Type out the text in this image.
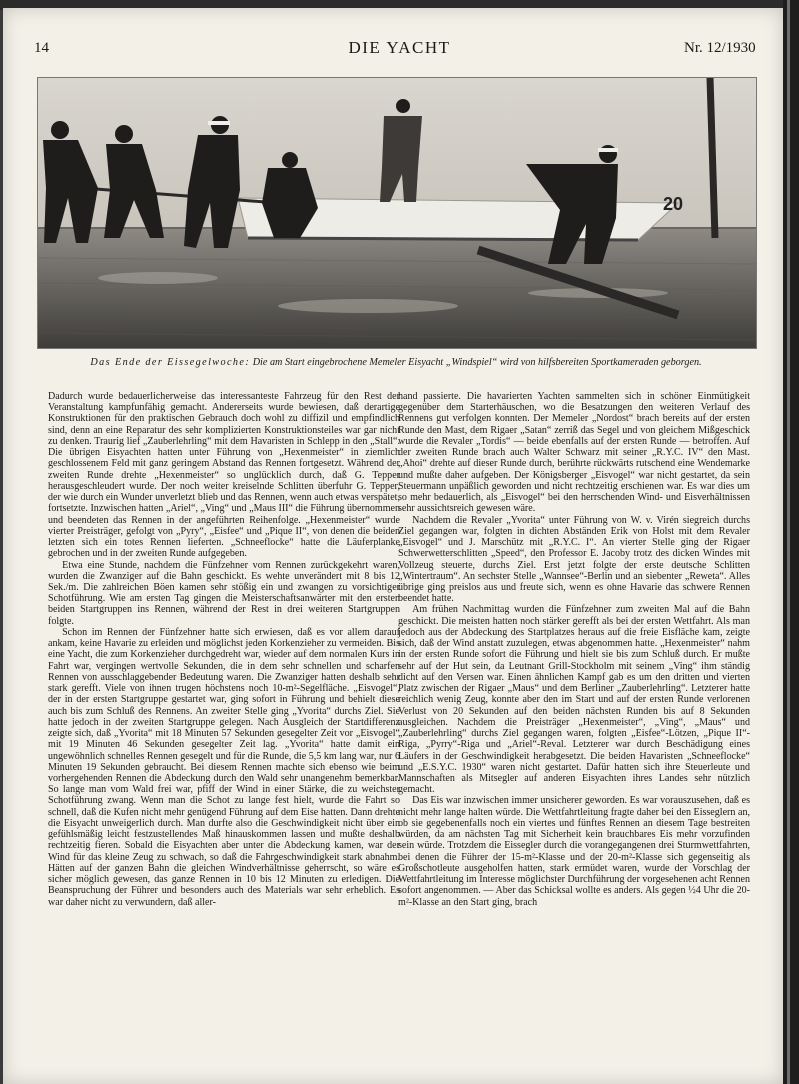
14	DIE YACHT	Nr. 12/1930
20
Das Ende der Eissegelwoche: Die am Start eingebrochene Memeler Eisyacht „Windspiel“ wird von hilfsbereiten Sportkameraden geborgen.

Dadurch wurde bedauerlicherweise das interessanteste Fahrzeug für den Rest der Veranstaltung kampfunfähig gemacht. Andererseits wurde bewiesen, daß derartige Konstruktionen für den praktischen Gebrauch doch wohl zu diffizil und empfindlich sind, denn an eine Reparatur des sehr komplizierten Konstruktionsteiles war gar nicht zu denken. Traurig lief „Zauberlehrling“ mit dem Havaristen in Schlepp in den „Stall“. Die übrigen Eisyachten hatten unter Führung von „Hexenmeister“ in ziemlich geschlossenem Feld mit ganz geringem Abstand das Rennen fortgesetzt. Während der zweiten Runde drehte „Hexenmeister“ so unglücklich durch, daß G. Tepper herausgeschleudert wurde. Der noch weiter kreiselnde Schlitten überfuhr G. Tepper, der wie durch ein Wunder unverletzt blieb und das Rennen, wenn auch etwas verspätet, fortsetzte. Inzwischen hatten „Ariel“, „Ving“ und „Maus III“ die Führung übernommen und beendeten das Rennen in der angeführten Reihenfolge. „Hexenmeister“ wurde vierter Preisträger, gefolgt von „Pyry“, „Eisfee“ und „Pique II“, von denen die beiden letzten sich ein totes Rennen lieferten. „Schneeflocke“ hatte die Läuferplanke gebrochen und in der zweiten Runde aufgegeben.

Etwa eine Stunde, nachdem die Fünfzehner vom Rennen zurückgekehrt waren, wurden die Zwanziger auf die Bahn geschickt. Es wehte unverändert mit 8 bis 12 Sek./m. Die zahlreichen Böen kamen sehr stößig ein und zwangen zu vorsichtiger Schotführung. Wie am ersten Tag gingen die Meisterschaftsanwärter mit den ersten beiden Startgruppen ins Rennen, während der Rest in drei weiteren Startgruppen folgte.

Schon im Rennen der Fünfzehner hatte sich erwiesen, daß es vor allem darauf ankam, keine Havarie zu erleiden und möglichst jeden Korkenzieher zu vermeiden. Bis eine Yacht, die zum Korkenzieher durchgedreht war, wieder auf dem normalen Kurs in Fahrt war, vergingen wertvolle Sekunden, die in dem sehr schnellen und scharfen Rennen von ausschlaggebender Bedeutung waren. Die Zwanziger hatten deshalb sehr stark gerefft. Viele von ihnen trugen höchstens noch 10-m²-Segelfläche. „Eisvogel“, der in der ersten Startgruppe gestartet war, ging sofort in Führung und behielt diese auch bis zum Schluß des Rennens. An zweiter Stelle ging „Yvorita“ durchs Ziel. Sie hatte jedoch in der zweiten Startgruppe gelegen. Nach Ausgleich der Startdifferenz zeigte sich, daß „Yvorita“ mit 18 Minuten 57 Sekunden gesegelter Zeit vor „Eisvogel“ mit 19 Minuten 46 Sekunden gesegelter Zeit lag. „Yvorita“ hatte damit ein ungewöhnlich schnelles Rennen gesegelt und für die Runde, die 5,5 km lang war, nur 6 Minuten 19 Sekunden gebraucht. Bei diesem Rennen machte sich ebenso wie beim vorhergehenden Rennen die Abdeckung durch den Wald sehr unangenehm bemerkbar. So lange man vom Wald frei war, pfiff der Wind in einer Stärke, die zu weichster Schotführung zwang. Wenn man die Schot zu lange fest hielt, wurde die Fahrt so schnell, daß die Kufen nicht mehr genügend Führung auf dem Eise hatten. Dann drehte die Eisyacht unweigerlich durch. Man durfte also die Geschwindigkeit nicht über ein gefühlsmäßig leicht festzustellendes Maß hinauskommen lassen und mußte deshalb rechtzeitig fieren. Sobald die Eisyachten aber unter die Abdeckung kamen, war der Wind für das kleine Zeug zu schwach, so daß die Fahrgeschwindigkeit stark abnahm. Hätten auf der ganzen Bahn die gleichen Windverhältnisse geherrscht, so wäre es sicher möglich gewesen, das ganze Rennen in 10 bis 12 Minuten zu erledigen. Die Beanspruchung der Führer und besonders auch des Materials war sehr erheblich. Es war daher nicht zu verwundern, daß aller-

hand passierte. Die havarierten Yachten sammelten sich in schöner Einmütigkeit gegenüber dem Starterhäuschen, wo die Besatzungen den weiteren Verlauf des Rennens gut verfolgen konnten. Der Memeler „Nordost“ brach bereits auf der ersten Runde den Mast, dem Rigaer „Satan“ zerriß das Segel und von gleichem Mißgeschick wurde die Revaler „Tordis“ — beide ebenfalls auf der ersten Runde — betroffen. Auf der zweiten Runde brach auch Walter Schwarz mit seiner „R.Y.C. IV“ den Mast. „Ahoi“ drehte auf dieser Runde durch, berührte rückwärts rutschend eine Wendemarke und mußte daher aufgeben. Der Königsberger „Eisvogel“ war nicht gestartet, da sein Steuermann unpäßlich geworden und nicht rechtzeitig erschienen war. Es war dies um so mehr bedauerlich, als „Eisvogel“ bei den herrschenden Wind- und Eisverhältnissen sehr aussichtsreich gewesen wäre.

Nachdem die Revaler „Yvorita“ unter Führung von W. v. Virén siegreich durchs Ziel gegangen war, folgten in dichten Abständen Erik von Holst mit dem Revaler „Eisvogel“ und J. Marschütz mit „R.Y.C. I“. An vierter Stelle ging der Rigaer Schwerwetterschlitten „Speed“, den Professor E. Jacoby trotz des dicken Windes mit Vollzeug steuerte, durchs Ziel. Erst jetzt folgte der erste deutsche Schlitten „Wintertraum“. An sechster Stelle „Wannsee“-Berlin und an siebenter „Reweta“. Alles übrige ging preislos aus und freute sich, wenn es ohne Havarie das schwere Rennen beendet hatte.

Am frühen Nachmittag wurden die Fünfzehner zum zweiten Mal auf die Bahn geschickt. Die meisten hatten noch stärker gerefft als bei der ersten Wettfahrt. Als man jedoch aus der Abdeckung des Startplatzes heraus auf die freie Eisfläche kam, zeigte sich, daß der Wind anstatt zuzulegen, etwas abgenommen hatte. „Hexenmeister“ nahm in der ersten Runde sofort die Führung und hielt sie bis zum Schluß durch. Er mußte sehr auf der Hut sein, da Leutnant Grill-Stockholm mit seinem „Ving“ ihm ständig dicht auf den Versen war. Einen ähnlichen Kampf gab es um den dritten und vierten Platz zwischen der Rigaer „Maus“ und dem Berliner „Zauberlehrling“. Letzterer hatte reichlich wenig Zeug, konnte aber den im Start und auf der ersten Runde verlorenen Verlust von 20 Sekunden auf den beiden nächsten Runden bis auf 8 Sekunden ausgleichen. Nachdem die Preisträger „Hexenmeister“, „Ving“, „Maus“ und „Zauberlehrling“ durchs Ziel gegangen waren, folgten „Eisfee“-Lötzen, „Pique II“-Riga, „Pyrry“-Riga und „Ariel“-Reval. Letzterer war durch Beschädigung eines Läufers in der Geschwindigkeit herabgesetzt. Die beiden Havaristen „Schneeflocke“ und „E.S.Y.C. 1930“ waren nicht gestartet. Dafür hatten sich ihre Steuerleute und Mannschaften als Mitsegler auf anderen Eisyachten ihres Landes sehr nützlich gemacht.

Das Eis war inzwischen immer unsicherer geworden. Es war vorauszusehen, daß es nicht mehr lange halten würde. Die Wettfahrtleitung fragte daher bei den Eisseglern an, ob sie gegebenenfalls noch ein viertes und fünftes Rennen an diesem Tage bestreiten würden, da am nächsten Tag mit Sicherheit kein brauchbares Eis mehr vorzufinden sein würde. Trotzdem die Eissegler durch die vorangegangenen drei Sturmwettfahrten, bei denen die Führer der 15-m²-Klasse und der 20-m²-Klasse sich gegenseitig als Großschotleute ausgeholfen hatten, stark ermüdet waren, wurde der Vorschlag der Wettfahrtleitung im Interesse möglichster Durchführung der vorgesehenen acht Rennen sofort angenommen. — Aber das Schicksal wollte es anders. Als gegen ½4 Uhr die 20-m²-Klasse an den Start ging, brach
